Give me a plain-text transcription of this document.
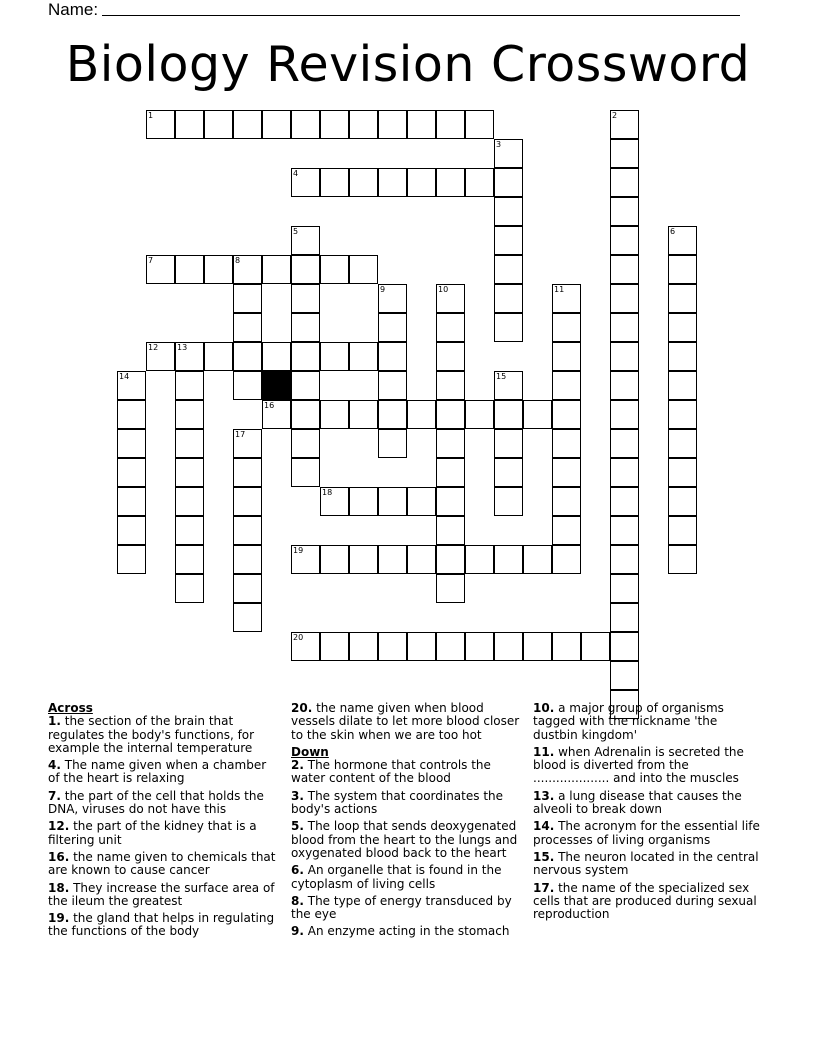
Name:
Biology Revision Crossword
1
4
7	8
12 13
16
18
19
20
2
3
5	6
9	10	11
14	15
17
Across
1. the section of the brain that regulates the body's functions, for example the internal temperature
4. The name given when a chamber of the heart is relaxing
7. the part of the cell that holds the DNA, viruses do not have this
12. the part of the kidney that is a filtering unit
16. the name given to chemicals that are known to cause cancer
18. They increase the surface area of the ileum the greatest
19. the gland that helps in regulating the functions of the body
20. the name given when blood vessels dilate to let more blood closer to the skin when we are too hot
Down
2. The hormone that controls the water content of the blood
3. The system that coordinates the body's actions
5. The loop that sends deoxygenated blood from the heart to the lungs and oxygenated blood back to the heart
6. An organelle that is found in the cytoplasm of living cells
8. The type of energy transduced by the eye
9. An enzyme acting in the stomach
10. a major group of organisms tagged with the nickname 'the dustbin kingdom'
11. when Adrenalin is secreted the blood is diverted from the .................... and into the muscles
13. a lung disease that causes the alveoli to break down
14. The acronym for the essential life processes of living organisms
15. The neuron located in the central nervous system
17. the name of the specialized sex cells that are produced during sexual reproduction
